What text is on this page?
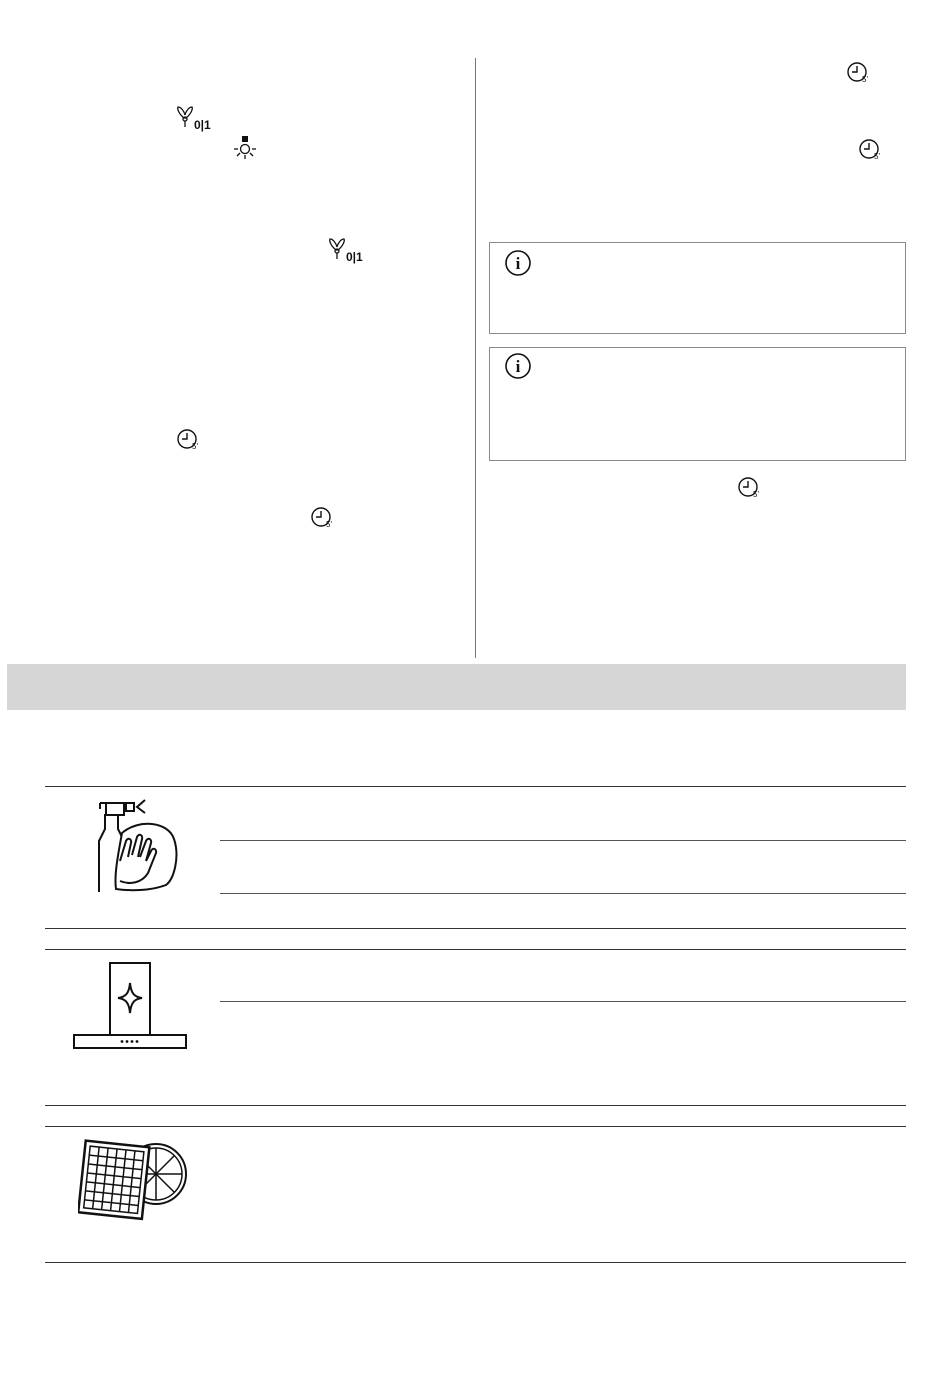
0|1
0|1
5'
5'
5'
5'
i
i
5'
